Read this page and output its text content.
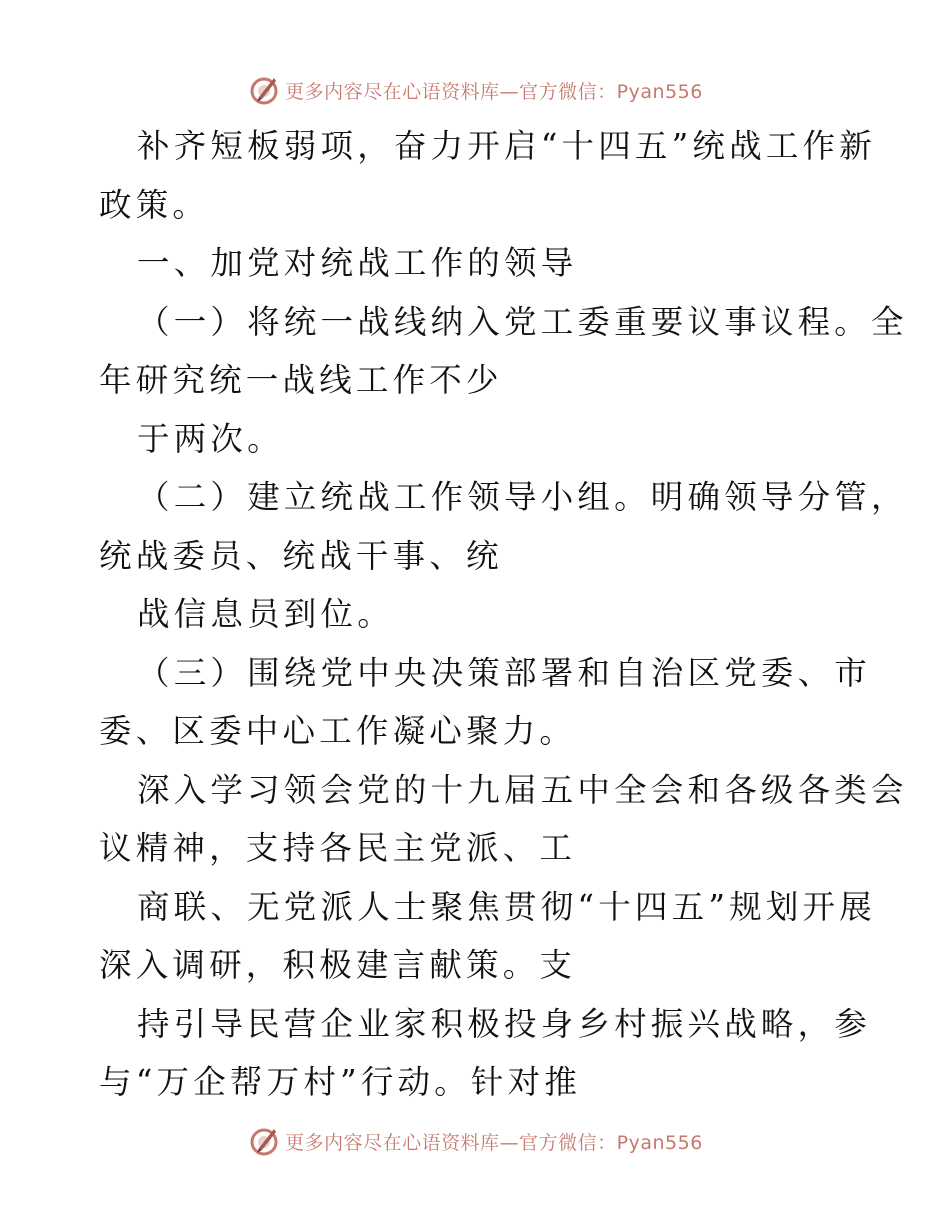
更多内容尽在心语资料库—官方微信：Pyan556
补齐短板弱项，奋力开启“十四五”统战工作新
政策。
一、加党对统战工作的领导
（一）将统一战线纳入党工委重要议事议程。全
年研究统一战线工作不少
于两次。
（二）建立统战工作领导小组。明确领导分管，
统战委员、统战干事、统
战信息员到位。
（三）围绕党中央决策部署和自治区党委、市
委、区委中心工作凝心聚力。
深入学习领会党的十九届五中全会和各级各类会
议精神，支持各民主党派、工
商联、无党派人士聚焦贯彻“十四五”规划开展
深入调研，积极建言献策。支
持引导民营企业家积极投身乡村振兴战略，参
与“万企帮万村”行动。针对推
更多内容尽在心语资料库—官方微信：Pyan556
